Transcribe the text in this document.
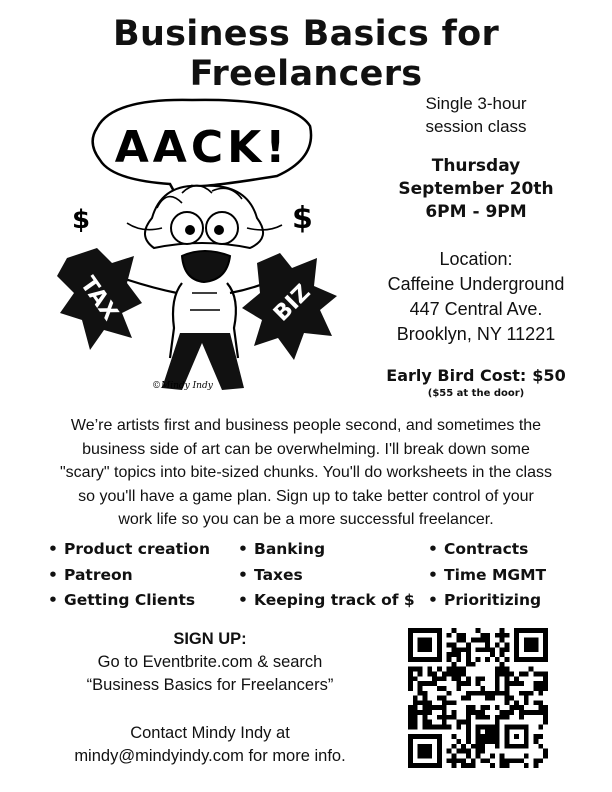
Business Basics for Freelancers
AACK!
TAX	BIZ
$	$
©Mindy Indy
Single 3-hour
session class
Thursday
September 20th
6PM - 9PM
Location:
Caffeine Underground
447 Central Ave.
Brooklyn, NY 11221
Early Bird Cost: $50
($55 at the door)
We’re artists first and business people second, and sometimes the
business side of art can be overwhelming. I'll break down some
"scary" topics into bite-sized chunks. You'll do worksheets in the class
so you'll have a game plan. Sign up to take better control of your
work life so you can be a more successful freelancer.
• Product creation
• Patreon
• Getting Clients
• Banking
• Taxes
• Keeping track of $
• Contracts
• Time MGMT
• Prioritizing
SIGN UP:
Go to Eventbrite.com & search
“Business Basics for Freelancers”
Contact Mindy Indy at
mindy@mindyindy.com for more info.
